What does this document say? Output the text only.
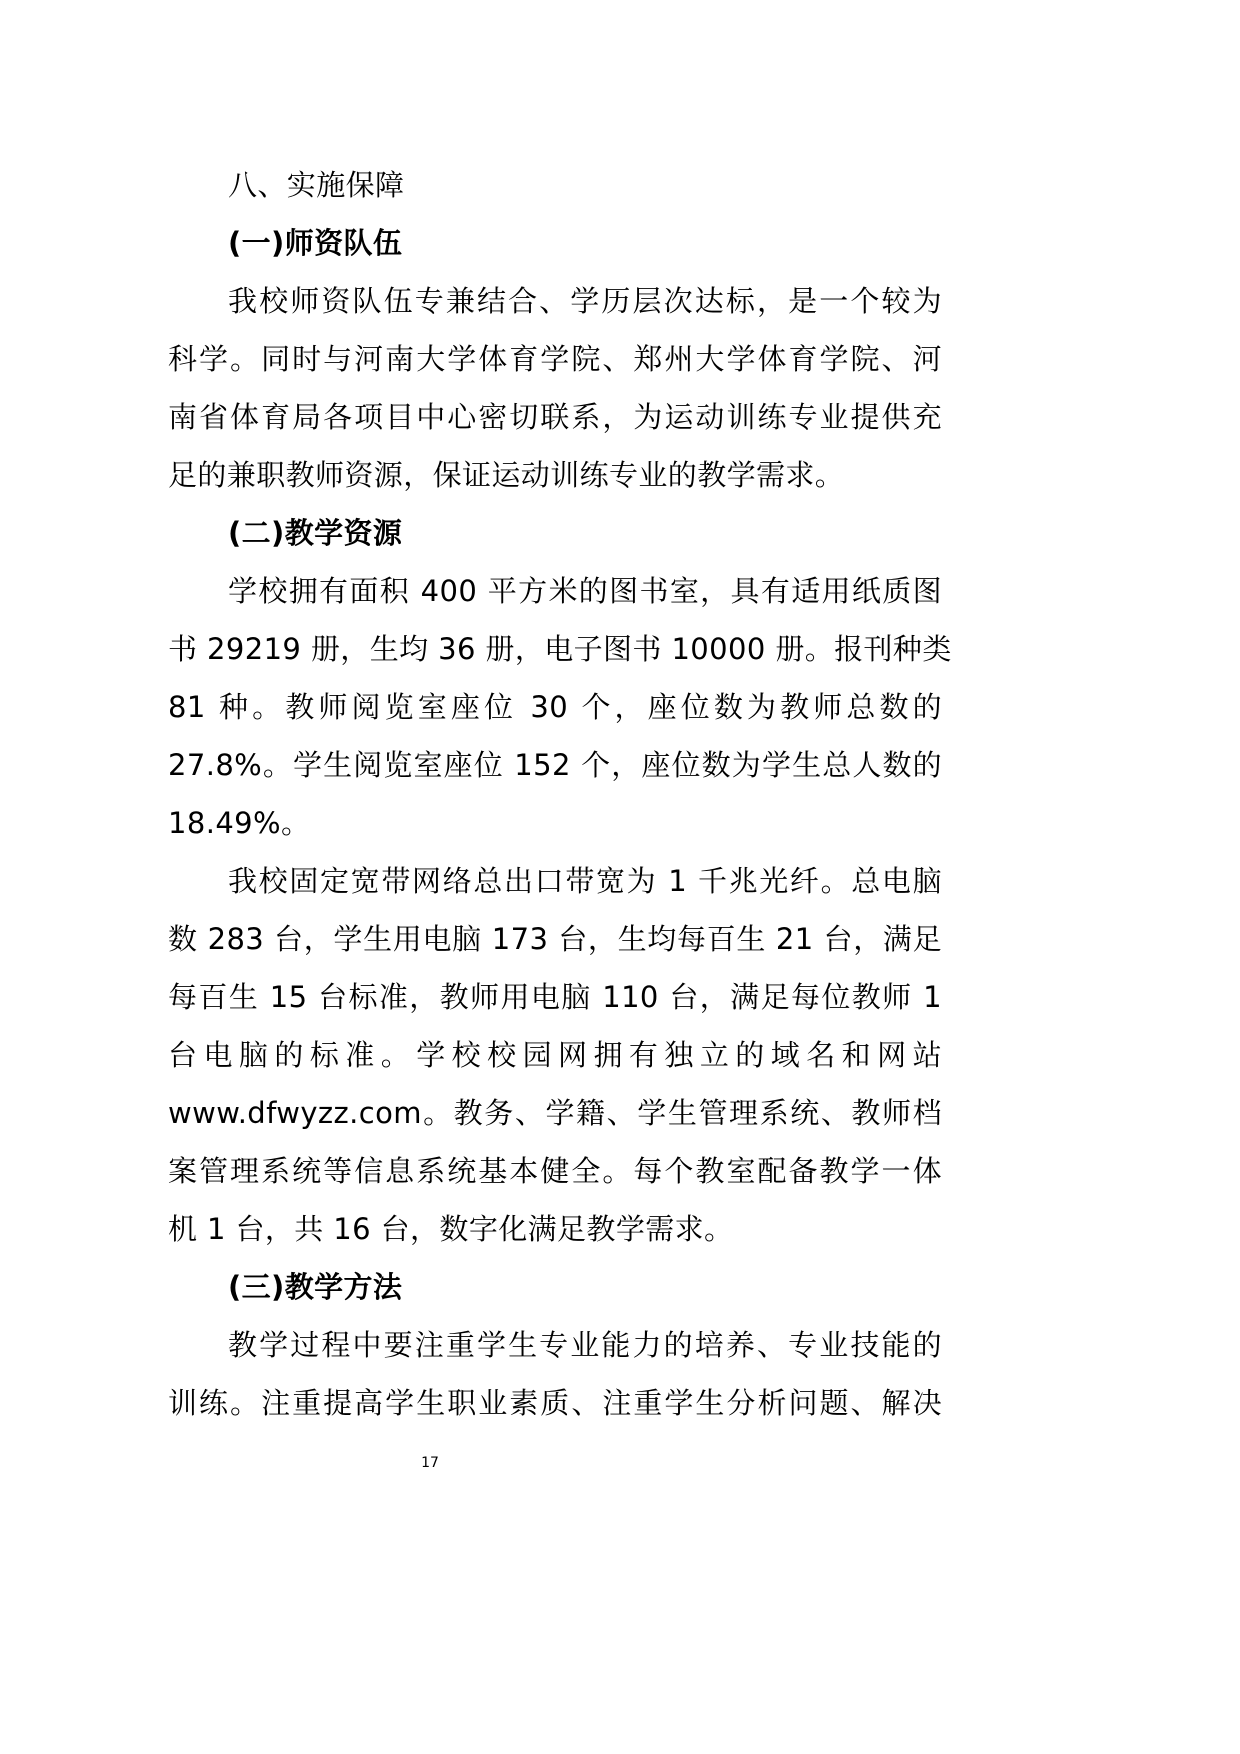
八、实施保障
(一)师资队伍
我校师资队伍专兼结合、学历层次达标，是一个较为
科学。同时与河南大学体育学院、郑州大学体育学院、河
南省体育局各项目中心密切联系，为运动训练专业提供充
足的兼职教师资源，保证运动训练专业的教学需求。
(二)教学资源
学校拥有面积 400 平方米的图书室，具有适用纸质图
书 29219 册，生均 36 册，电子图书 10000 册。报刊种类
81 种。教师阅览室座位 30 个，座位数为教师总数的
27.8%。学生阅览室座位 152 个，座位数为学生总人数的
18.49%。
我校固定宽带网络总出口带宽为 1 千兆光纤。总电脑
数 283 台，学生用电脑 173 台，生均每百生 21 台，满足
每百生 15 台标准，教师用电脑 110 台，满足每位教师 1
台电脑的标准。学校校园网拥有独立的域名和网站
www.dfwyzz.com。教务、学籍、学生管理系统、教师档
案管理系统等信息系统基本健全。每个教室配备教学一体
机 1 台，共 16 台，数字化满足教学需求。
(三)教学方法
教学过程中要注重学生专业能力的培养、专业技能的
训练。注重提高学生职业素质、注重学生分析问题、解决
17
